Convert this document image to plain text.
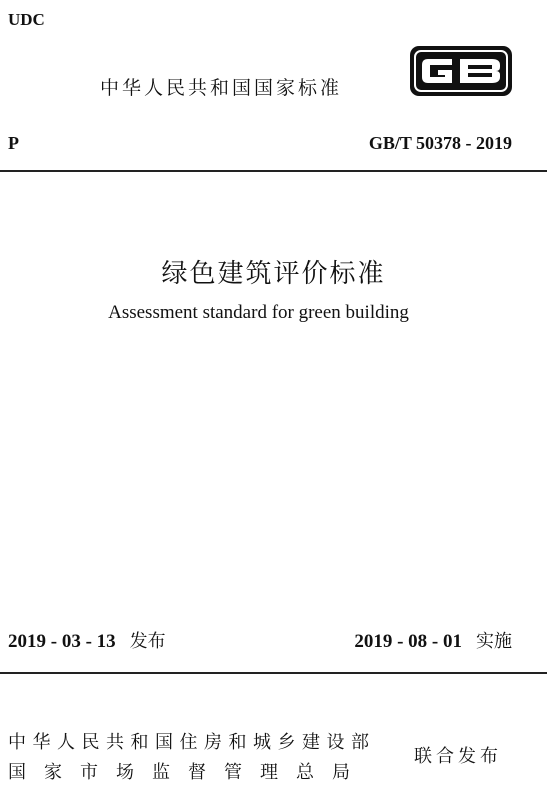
UDC
中华人民共和国国家标准
P	GB/T 50378 - 2019
绿色建筑评价标准
Assessment standard for green building
2019 - 03 - 13 发布	2019 - 08 - 01 实施
中华人民共和国住房和城乡建设部
国家市场监督管理总局
联合发布
